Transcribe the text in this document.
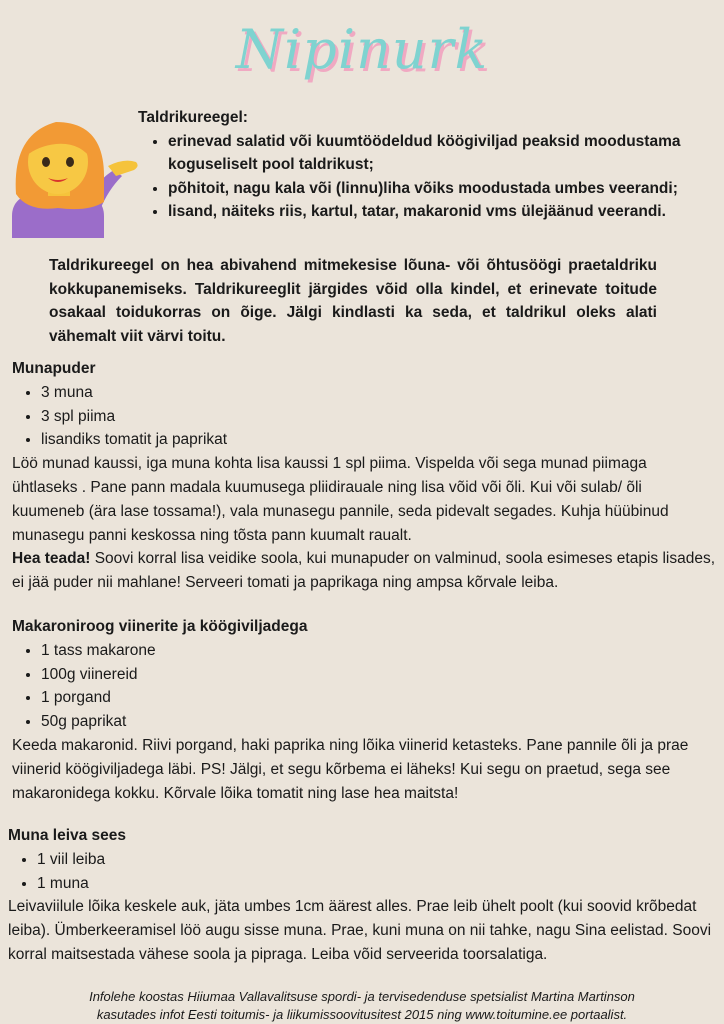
Nipinurk
Taldrikureegel:
• erinevad salatid või kuumtöödeldud köögiviljad peaksid moodustama koguseliselt pool taldrikust;
• põhitoit, nagu kala või (linnu)liha võiks moodustada umbes veerandi;
• lisand, näiteks riis, kartul, tatar, makaronid vms ülejäänud veerandi.
Taldrikureegel on hea abivahend mitmekesise lõuna- või õhtusöögi praetaldriku kokkupanemiseks. Taldrikureeglit järgides võid olla kindel, et erinevate toitude osakaal toidukorras on õige. Jälgi kindlasti ka seda, et taldrikul oleks alati vähemalt viit värvi toitu.
Munapuder
• 3 muna
• 3 spl piima
• lisandiks tomatit ja paprikat

Löö munad kaussi, iga muna kohta lisa kaussi 1 spl piima. Vispelda või sega munad piimaga ühtlaseks . Pane pann madala kuumusega pliidirauale ning lisa võid või õli. Kui või sulab/ õli kuumeneb (ära lase tossama!), vala munasegu pannile, seda pidevalt segades. Kuhja hüübinud munasegu panni keskossa ning tõsta pann kuumalt raualt.

Hea teada! Soovi korral lisa veidike soola, kui munapuder on valminud, soola esimeses etapis lisades, ei jää puder nii mahlane! Serveeri tomati ja paprikaga ning ampsa kõrvale leiba.

Makaroniroog viinerite ja köögiviljadega
• 1 tass makarone
• 100g viinereid
• 1 porgand
• 50g paprikat

Keeda makaronid. Riivi porgand, haki paprika ning lõika viinerid ketasteks. Pane pannile õli ja prae viinerid köögiviljadega läbi. PS! Jälgi, et segu kõrbema ei läheks! Kui segu on praetud, sega see makaronidega kokku. Kõrvale lõika tomatit ning lase hea maitsta!

Muna leiva sees
• 1 viil leiba
• 1 muna

Leivaviilule lõika keskele auk, jäta umbes 1cm äärest alles. Prae leib ühelt poolt (kui soovid krõbedat leiba). Ümberkeeramisel löö augu sisse muna. Prae, kuni muna on nii tahke, nagu Sina eelistad. Soovi korral maitsestada vähese soola ja pipraga. Leiba võid serveerida toorsalatiga.

Infolehe koostas Hiiumaa Vallavalitsuse spordi- ja tervisedenduse spetsialist Martina Martinson
kasutades infot Eesti toitumis- ja liikumissoovitusitest 2015 ning www.toitumine.ee portaalist.
